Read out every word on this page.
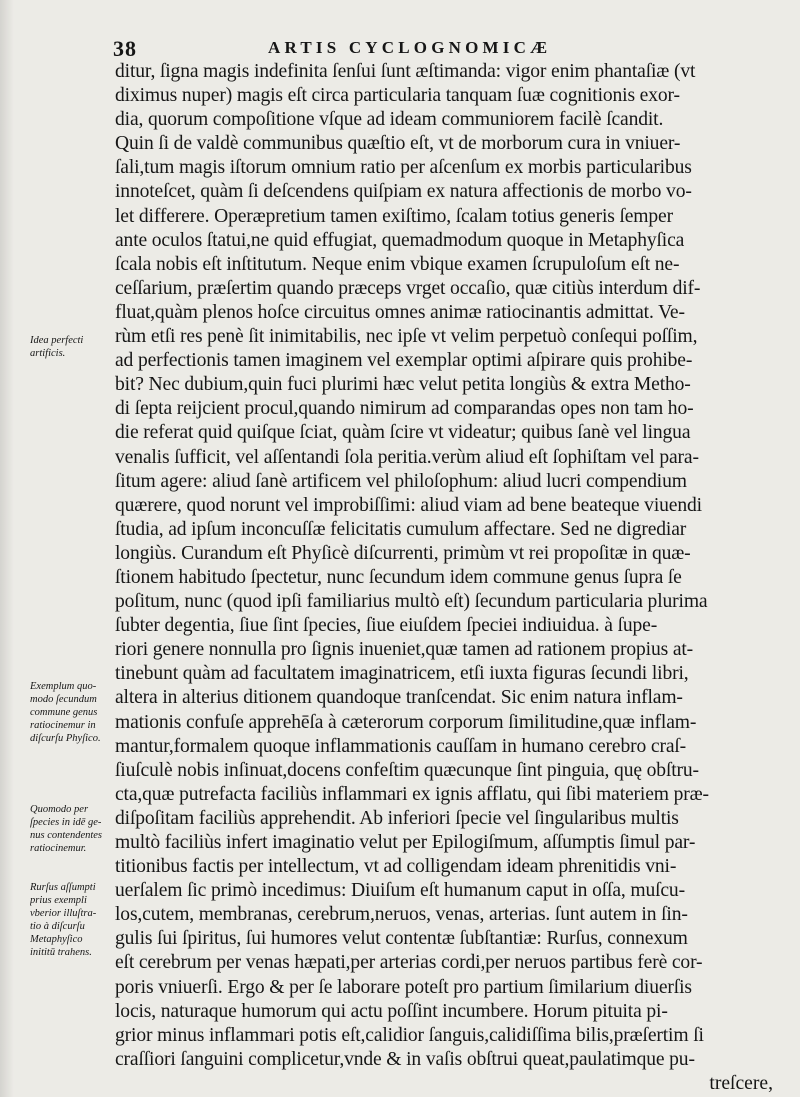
38	ARTIS CYCLOGNOMICÆ
ditur, ſigna magis indefinita ſenſui ſunt æſtimanda: vigor enim phantaſiæ (vt
diximus nuper) magis eſt circa particularia tanquam ſuæ cognitionis exor-
dia, quorum compoſitione vſque ad ideam communiorem facilè ſcandit.
Quin ſi de valdè communibus quæſtio eſt, vt de morborum cura in vniuer-
ſali,tum magis iſtorum omnium ratio per aſcenſum ex morbis particularibus
innoteſcet, quàm ſi deſcendens quiſpiam ex natura affectionis de morbo vo-
let differere. Operæpretium tamen exiſtimo, ſcalam totius generis ſemper
ante oculos ſtatui,ne quid effugiat, quemadmodum quoque in Metaphyſica
ſcala nobis eſt inſtitutum. Neque enim vbique examen ſcrupuloſum eſt ne-
ceſſarium, præſertim quando præceps vrget occaſio, quæ citiùs interdum dif-
fluat,quàm plenos hoſce circuitus omnes animæ ratiocinantis admittat. Ve-
rùm etſi res penè ſit inimitabilis, nec ipſe vt velim perpetuò conſequi poſſim,
ad perfectionis tamen imaginem vel exemplar optimi aſpirare quis prohibe-
bit? Nec dubium,quin fuci plurimi hæc velut petita longiùs & extra Metho-
di ſepta reijcient procul,quando nimirum ad comparandas opes non tam ho-
die referat quid quiſque ſciat, quàm ſcire vt videatur; quibus ſanè vel lingua
venalis ſufficit, vel aſſentandi ſola peritia.verùm aliud eſt ſophiſtam vel para-
ſitum agere: aliud ſanè artificem vel philoſophum: aliud lucri compendium
quærere, quod norunt vel improbiſſimi: aliud viam ad bene beateque viuendi
ſtudia, ad ipſum inconcuſſæ felicitatis cumulum affectare. Sed ne digrediar
longiùs. Curandum eſt Phyſicè diſcurrenti, primùm vt rei propoſitæ in quæ-
ſtionem habitudo ſpectetur, nunc ſecundum idem commune genus ſupra ſe
poſitum, nunc (quod ipſi familiarius multò eſt) ſecundum particularia plurima
ſubter degentia, ſiue ſint ſpecies, ſiue eiuſdem ſpeciei indiuidua. à ſupe-
riori genere nonnulla pro ſignis inueniet,quæ tamen ad rationem propius at-
tinebunt quàm ad facultatem imaginatricem, etſi iuxta figuras ſecundi libri,
altera in alterius ditionem quandoque tranſcendat. Sic enim natura inflam-
mationis confuſe apprehēſa à cæterorum corporum ſimilitudine,quæ inflam-
mantur,formalem quoque inflammationis cauſſam in humano cerebro craſ-
ſiuſculè nobis inſinuat,docens confeſtim quæcunque ſint pinguia, quę obſtru-
cta,quæ putrefacta faciliùs inflammari ex ignis afflatu, qui ſibi materiem præ-
diſpoſitam faciliùs apprehendit. Ab inferiori ſpecie vel ſingularibus multis
multò faciliùs infert imaginatio velut per Epilogiſmum, aſſumptis ſimul par-
titionibus factis per intellectum, vt ad colligendam ideam phrenitidis vni-
uerſalem ſic primò incedimus: Diuiſum eſt humanum caput in oſſa, muſcu-
los,cutem, membranas, cerebrum,neruos, venas, arterias. ſunt autem in ſin-
gulis ſui ſpiritus, ſui humores velut contentæ ſubſtantiæ: Rurſus, connexum
eſt cerebrum per venas hæpati,per arterias cordi,per neruos partibus ferè cor-
poris vniuerſi. Ergo & per ſe laborare poteſt pro partium ſimilarium diuerſis
locis, naturaque humorum qui actu poſſint incumbere. Horum pituita pi-
grior minus inflammari potis eſt,calidior ſanguis,calidiſſima bilis,præſertim ſi
craſſiori ſanguini complicetur,vnde & in vaſis obſtrui queat,paulatimque pu-
treſcere,
Idea perfecti
artificis.
Exemplum quo-
modo ſecundum
commune genus
ratiocinemur in
diſcurſu Phyſico.
Quomodo per
ſpecies in idē ge-
nus contendentes
ratiocinemur.
Rurſus aſſumpti
prius exempli
vberior illuſtra-
tio à diſcurſu
Metaphyſico
inititū trahens.
